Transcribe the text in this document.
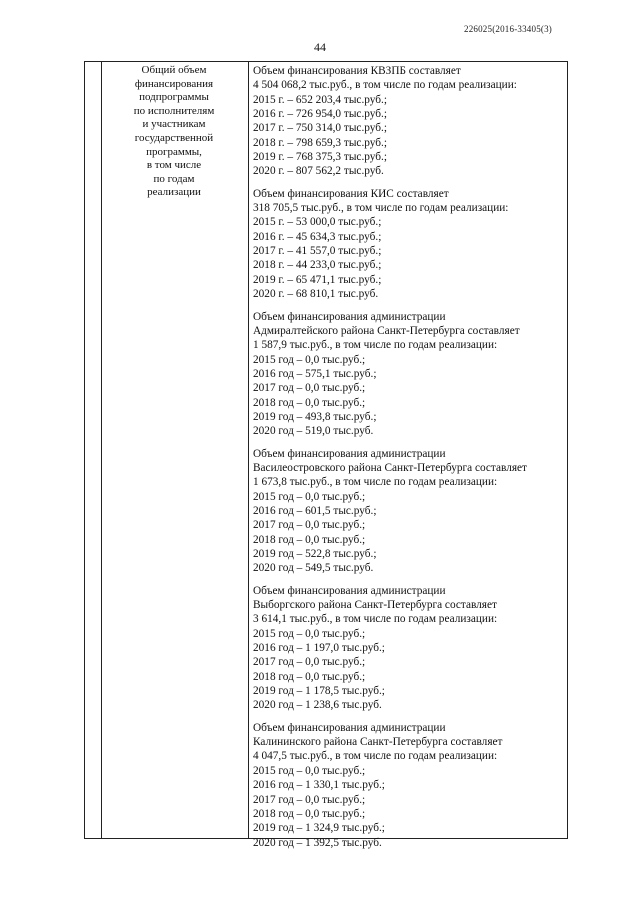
226025(2016-33405(3)
44
Общий объем
финансирования
подпрограммы
по исполнителям
и участникам
государственной
программы,
в том числе
по годам
реализации
Объем финансирования КВЗПБ составляет
4 504 068,2 тыс.руб., в том числе по годам реализации:
2015 г. – 652 203,4 тыс.руб.;
2016 г. – 726 954,0 тыс.руб.;
2017 г. – 750 314,0 тыс.руб.;
2018 г. – 798 659,3 тыс.руб.;
2019 г. – 768 375,3 тыс.руб.;
2020 г. – 807 562,2 тыс.руб.
Объем финансирования КИС составляет
318 705,5 тыс.руб., в том числе по годам реализации:
2015 г. – 53 000,0 тыс.руб.;
2016 г. – 45 634,3 тыс.руб.;
2017 г. – 41 557,0 тыс.руб.;
2018 г. – 44 233,0 тыс.руб.;
2019 г. – 65 471,1 тыс.руб.;
2020 г. – 68 810,1 тыс.руб.
Объем финансирования администрации
Адмиралтейского района Санкт-Петербурга составляет
1 587,9 тыс.руб., в том числе по годам реализации:
2015 год – 0,0 тыс.руб.;
2016 год – 575,1 тыс.руб.;
2017 год – 0,0 тыс.руб.;
2018 год – 0,0 тыс.руб.;
2019 год – 493,8 тыс.руб.;
2020 год – 519,0 тыс.руб.
Объем финансирования администрации
Василеостровского района Санкт-Петербурга составляет
1 673,8 тыс.руб., в том числе по годам реализации:
2015 год – 0,0 тыс.руб.;
2016 год – 601,5 тыс.руб.;
2017 год – 0,0 тыс.руб.;
2018 год – 0,0 тыс.руб.;
2019 год – 522,8 тыс.руб.;
2020 год – 549,5 тыс.руб.
Объем финансирования администрации
Выборгского района Санкт-Петербурга составляет
3 614,1 тыс.руб., в том числе по годам реализации:
2015 год – 0,0 тыс.руб.;
2016 год – 1 197,0 тыс.руб.;
2017 год – 0,0 тыс.руб.;
2018 год – 0,0 тыс.руб.;
2019 год – 1 178,5 тыс.руб.;
2020 год – 1 238,6 тыс.руб.
Объем финансирования администрации
Калининского района Санкт-Петербурга составляет
4 047,5 тыс.руб., в том числе по годам реализации:
2015 год – 0,0 тыс.руб.;
2016 год – 1 330,1 тыс.руб.;
2017 год – 0,0 тыс.руб.;
2018 год – 0,0 тыс.руб.;
2019 год – 1 324,9 тыс.руб.;
2020 год – 1 392,5 тыс.руб.
